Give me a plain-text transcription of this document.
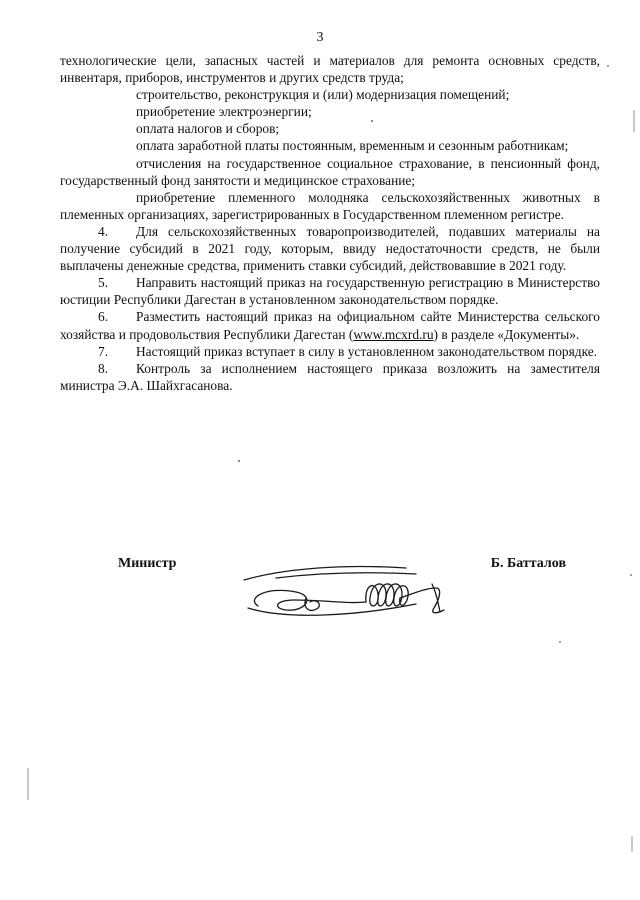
3

технологические цели, запасных частей и материалов для ремонта основных средств, инвентаря, приборов, инструментов и других средств труда;

строительство, реконструкция и (или) модернизация помещений;

приобретение электроэнергии;

оплата налогов и сборов;

оплата заработной платы постоянным, временным и сезонным работникам;

отчисления на государственное социальное страхование, в пенсионный фонд, государственный фонд занятости и медицинское страхование;

приобретение племенного молодняка сельскохозяйственных животных в племенных организациях, зарегистрированных в Государственном племенном регистре.

4. Для сельскохозяйственных товаропроизводителей, подавших материалы на получение субсидий в 2021 году, которым, ввиду недостаточности средств, не были выплачены денежные средства, применить ставки субсидий, действовавшие в 2021 году.

5. Направить настоящий приказ на государственную регистрацию в Министерство юстиции Республики Дагестан в установленном законодательством порядке.

6. Разместить настоящий приказ на официальном сайте Министерства сельского хозяйства и продовольствия Республики Дагестан (www.mcxrd.ru) в разделе «Документы».

7. Настоящий приказ вступает в силу в установленном законодательством порядке.

8. Контроль за исполнением настоящего приказа возложить на заместителя министра Э.А. Шайхгасанова.

Министр	Б. Батталов
